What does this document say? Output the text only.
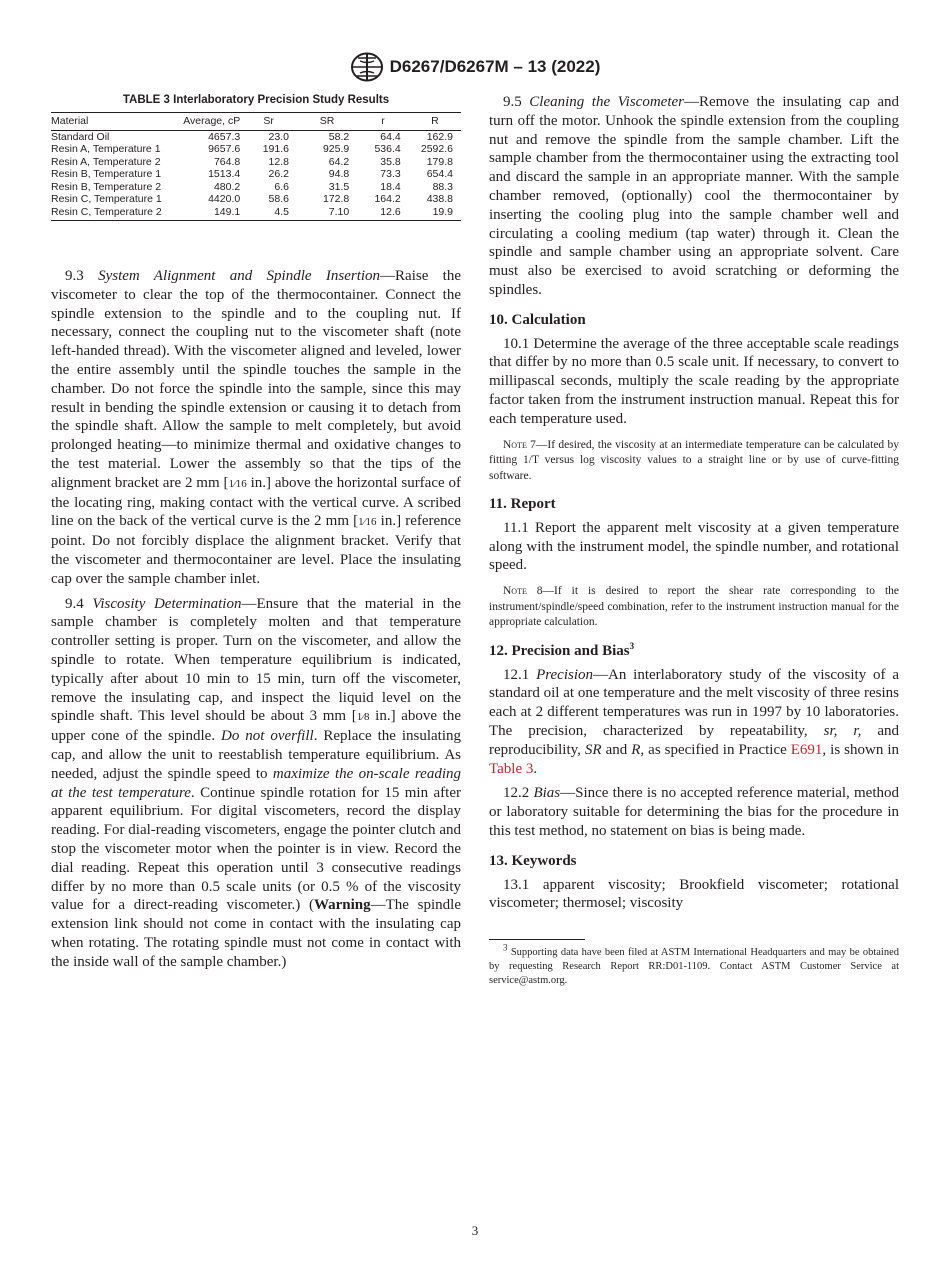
D6267/D6267M – 13 (2022)
TABLE 3 Interlaboratory Precision Study Results
Material	Average, cP	Sr	SR	r	R
Standard Oil	4657.3	23.0	58.2	64.4	162.9
Resin A, Temperature 1	9657.6	191.6	925.9	536.4	2592.6
Resin A, Temperature 2	764.8	12.8	64.2	35.8	179.8
Resin B, Temperature 1	1513.4	26.2	94.8	73.3	654.4
Resin B, Temperature 2	480.2	6.6	31.5	18.4	88.3
Resin C, Temperature 1	4420.0	58.6	172.8	164.2	438.8
Resin C, Temperature 2	149.1	4.5	7.10	12.6	19.9

9.3 System Alignment and Spindle Insertion—Raise the viscometer to clear the top of the thermocontainer. Connect the spindle extension to the spindle and to the coupling nut. If necessary, connect the coupling nut to the viscometer shaft (note left-handed thread). With the viscometer aligned and leveled, lower the entire assembly until the spindle touches the sample in the chamber. Do not force the spindle into the sample, since this may result in bending the spindle extension or causing it to detach from the spindle shaft. Allow the sample to melt completely, but avoid prolonged heating—to minimize thermal and oxidative changes to the test material. Lower the assembly so that the tips of the alignment bracket are 2 mm [1⁄16 in.] above the horizontal surface of the locating ring, making contact with the vertical curve. A scribed line on the back of the vertical curve is the 2 mm [1⁄16 in.] reference point. Do not forcibly displace the alignment bracket. Verify that the viscometer and thermocontainer are level. Place the insulating cap over the sample chamber inlet.

9.4 Viscosity Determination—Ensure that the material in the sample chamber is completely molten and that temperature controller setting is proper. Turn on the viscometer, and allow the spindle to rotate. When temperature equilibrium is indicated, typically after about 10 min to 15 min, turn off the viscometer, remove the insulating cap, and inspect the liquid level on the spindle shaft. This level should be about 3 mm [1⁄8 in.] above the upper cone of the spindle. Do not overfill. Replace the insulating cap, and allow the unit to reestablish temperature equilibrium. As needed, adjust the spindle speed to maximize the on-scale reading at the test temperature. Continue spindle rotation for 15 min after apparent equilibrium. For digital viscometers, record the display reading. For dial-reading viscometers, engage the pointer clutch and stop the viscometer motor when the pointer is in view. Record the dial reading. Repeat this operation until 3 consecutive readings differ by no more than 0.5 scale units (or 0.5 % of the viscosity value for a direct-reading viscometer.) (Warning—The spindle extension link should not come in contact with the insulating cap when rotating. The rotating spindle must not come in contact with the inside wall of the sample chamber.)

9.5 Cleaning the Viscometer—Remove the insulating cap and turn off the motor. Unhook the spindle extension from the coupling nut and remove the spindle from the sample chamber. Lift the sample chamber from the thermocontainer using the extracting tool and discard the sample in an appropriate manner. With the sample chamber removed, (optionally) cool the thermocontainer by inserting the cooling plug into the sample chamber well and circulating a cooling medium (tap water) through it. Clean the spindle and sample chamber using an appropriate solvent. Care must also be exercised to avoid scratching or deforming the spindles.

10. Calculation

10.1 Determine the average of the three acceptable scale readings that differ by no more than 0.5 scale unit. If necessary, to convert to millipascal seconds, multiply the scale reading by the appropriate factor taken from the instrument instruction manual. Repeat this for each temperature used.

Note 7—If desired, the viscosity at an intermediate temperature can be calculated by fitting 1/T versus log viscosity values to a straight line or by use of curve-fitting software.
11. Report

11.1 Report the apparent melt viscosity at a given temperature along with the instrument model, the spindle number, and rotational speed.

Note 8—If it is desired to report the shear rate corresponding to the instrument/spindle/speed combination, refer to the instrument instruction manual for the appropriate calculation.
12. Precision and Bias$^3$

12.1 Precision—An interlaboratory study of the viscosity of a standard oil at one temperature and the melt viscosity of three resins each at 2 different temperatures was run in 1997 by 10 laboratories. The precision, characterized by repeatability, sr, r, and reproducibility, SR and R, as specified in Practice E691, is shown in Table 3.

12.2 Bias—Since there is no accepted reference material, method or laboratory suitable for determining the bias for the procedure in this test method, no statement on bias is being made.

13. Keywords

13.1 apparent viscosity; Brookfield viscometer; rotational viscometer; thermosel; viscosity

$^3$ Supporting data have been filed at ASTM International Headquarters and may be obtained by requesting Research Report RR:D01-1109. Contact ASTM Customer Service at service@astm.org.
3
